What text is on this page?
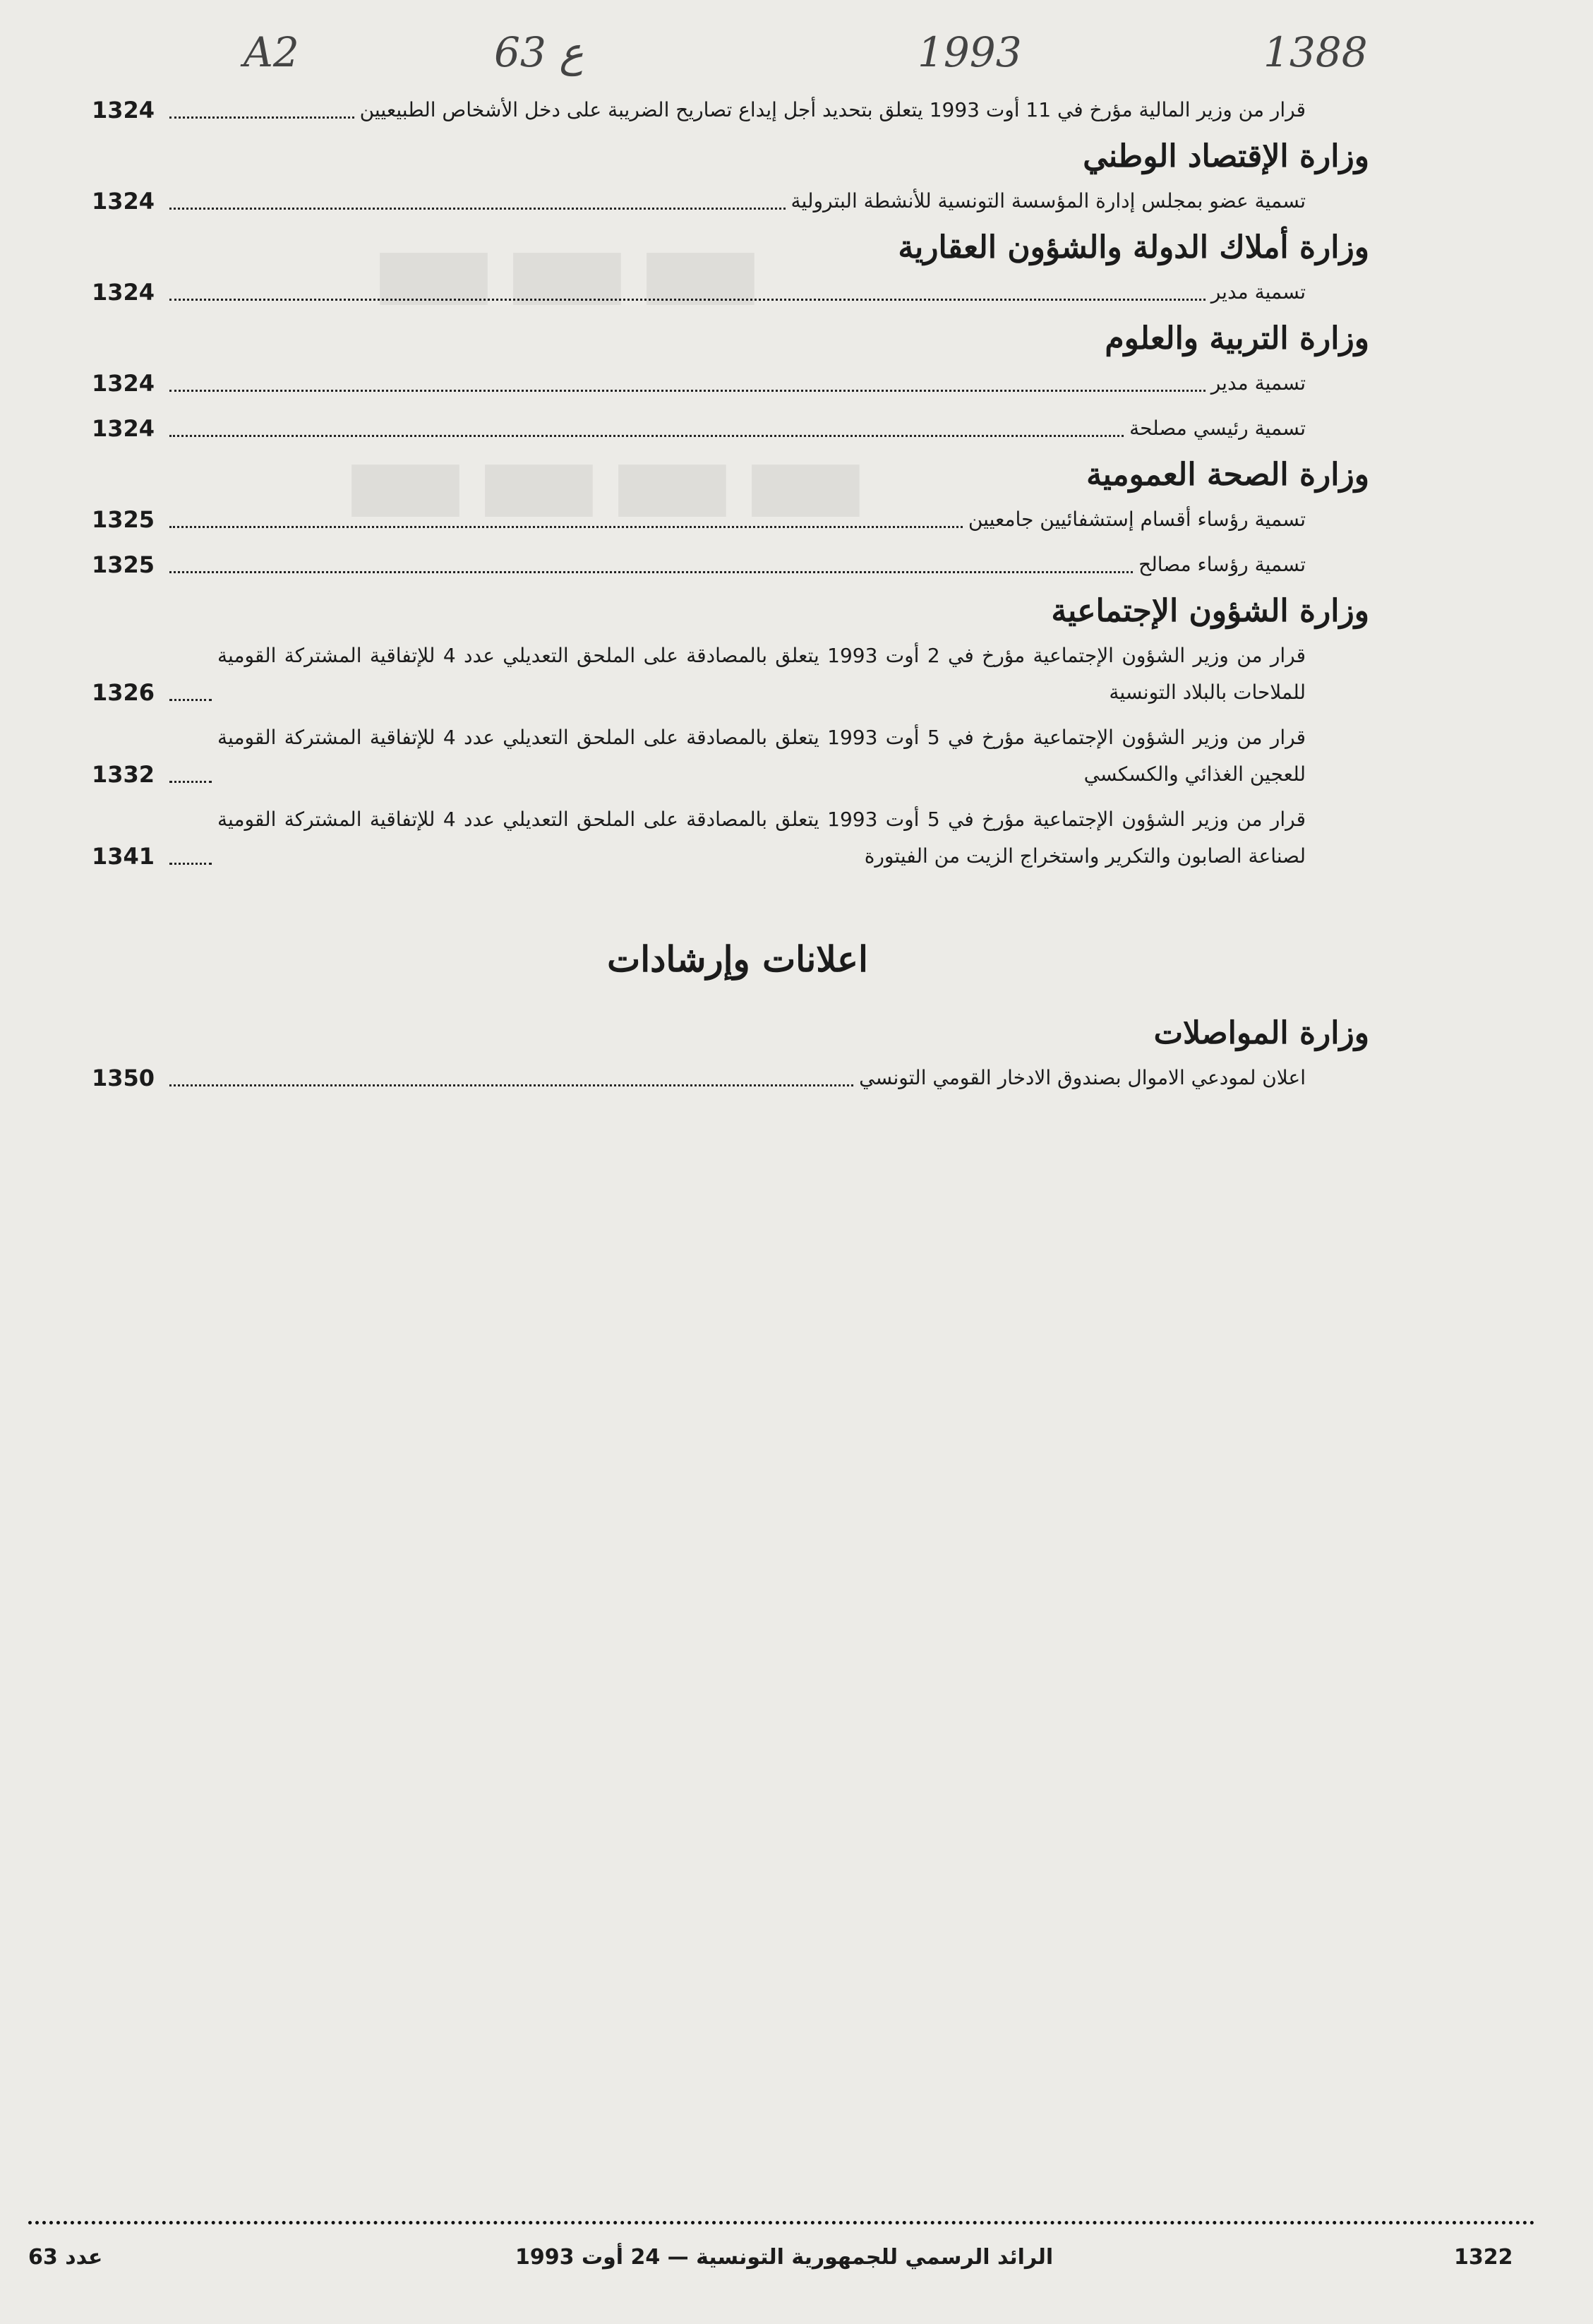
▬▬▬
▬▬▬▬
A2	63 ع	1993	1388
قرار من وزير المالية مؤرخ في 11 أوت 1993 يتعلق بتحديد أجل إيداع تصاريح الضريبة على دخل الأشخاص الطبيعيين
1324
وزارة الإقتصاد الوطني
تسمية عضو بمجلس إدارة المؤسسة التونسية للأنشطة البترولية
1324
وزارة أملاك الدولة والشؤون العقارية
تسمية مدير
1324
وزارة التربية والعلوم
تسمية مدير
1324
تسمية رئيسي مصلحة
1324
وزارة الصحة العمومية
تسمية رؤساء أقسام إستشفائيين جامعيين
1325
تسمية رؤساء مصالح
1325
وزارة الشؤون الإجتماعية
قرار من وزير الشؤون الإجتماعية مؤرخ في 2 أوت 1993 يتعلق بالمصادقة على الملحق التعديلي عدد 4 للإتفاقية المشتركة القومية للملاحات بالبلاد التونسية
1326
قرار من وزير الشؤون الإجتماعية مؤرخ في 5 أوت 1993 يتعلق بالمصادقة على الملحق التعديلي عدد 4 للإتفاقية المشتركة القومية للعجين الغذائي والكسكسي
1332
قرار من وزير الشؤون الإجتماعية مؤرخ في 5 أوت 1993 يتعلق بالمصادقة على الملحق التعديلي عدد 4 للإتفاقية المشتركة القومية لصناعة الصابون والتكرير واستخراج الزيت من الفيتورة
1341
اعلانات وإرشادات
وزارة المواصلات
اعلان لمودعي الاموال بصندوق الادخار القومي التونسي
1350
1322
الرائد الرسمي للجمهورية التونسية — 24 أوت 1993
عدد 63
